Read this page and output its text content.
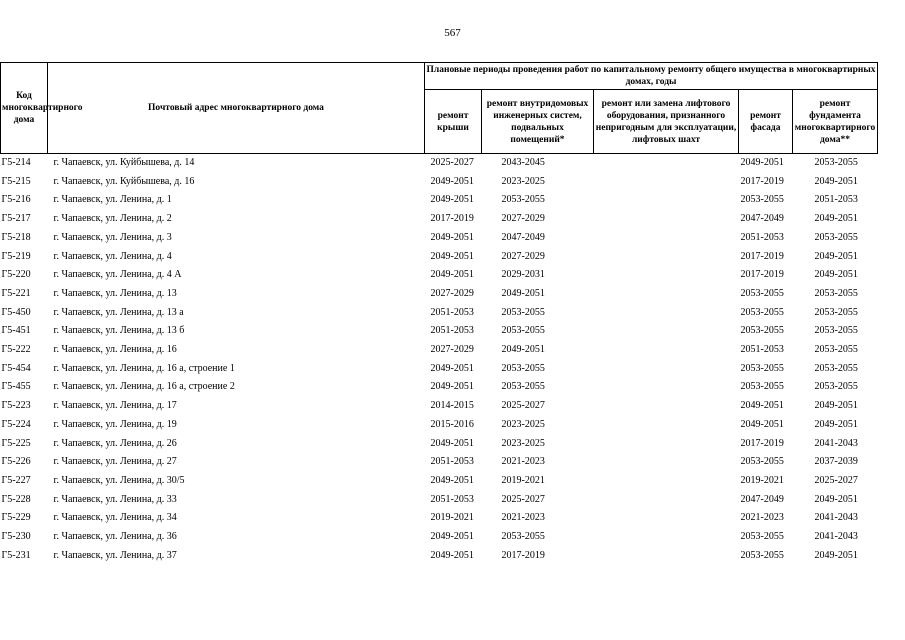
567
Код многоквартирного дома	Почтовый адрес многоквартирного дома	Плановые периоды проведения работ по капитальному ремонту общего имущества в многоквартирных домах, годы				
		ремонт крыши	ремонт внутридомовых инженерных систем, подвальных помещений*	ремонт или замена лифтового оборудования, признанного непригодным для эксплуатации, лифтовых шахт	ремонт фасада	ремонт фундамента многоквартирного дома**
Г5-214	г. Чапаевск, ул. Куйбышева, д. 14	2025-2027	2043-2045		2049-2051	2053-2055
Г5-215	г. Чапаевск, ул. Куйбышева, д. 16	2049-2051	2023-2025		2017-2019	2049-2051
Г5-216	г. Чапаевск, ул. Ленина, д. 1	2049-2051	2053-2055		2053-2055	2051-2053
Г5-217	г. Чапаевск, ул. Ленина, д. 2	2017-2019	2027-2029		2047-2049	2049-2051
Г5-218	г. Чапаевск, ул. Ленина, д. 3	2049-2051	2047-2049		2051-2053	2053-2055
Г5-219	г. Чапаевск, ул. Ленина, д. 4	2049-2051	2027-2029		2017-2019	2049-2051
Г5-220	г. Чапаевск, ул. Ленина, д. 4 А	2049-2051	2029-2031		2017-2019	2049-2051
Г5-221	г. Чапаевск, ул. Ленина, д. 13	2027-2029	2049-2051		2053-2055	2053-2055
Г5-450	г. Чапаевск, ул. Ленина, д. 13 а	2051-2053	2053-2055		2053-2055	2053-2055
Г5-451	г. Чапаевск, ул. Ленина, д. 13 б	2051-2053	2053-2055		2053-2055	2053-2055
Г5-222	г. Чапаевск, ул. Ленина, д. 16	2027-2029	2049-2051		2051-2053	2053-2055
Г5-454	г. Чапаевск, ул. Ленина, д. 16 а, строение 1	2049-2051	2053-2055		2053-2055	2053-2055
Г5-455	г. Чапаевск, ул. Ленина, д. 16 а, строение 2	2049-2051	2053-2055		2053-2055	2053-2055
Г5-223	г. Чапаевск, ул. Ленина, д. 17	2014-2015	2025-2027		2049-2051	2049-2051
Г5-224	г. Чапаевск, ул. Ленина, д. 19	2015-2016	2023-2025		2049-2051	2049-2051
Г5-225	г. Чапаевск, ул. Ленина, д. 26	2049-2051	2023-2025		2017-2019	2041-2043
Г5-226	г. Чапаевск, ул. Ленина, д. 27	2051-2053	2021-2023		2053-2055	2037-2039
Г5-227	г. Чапаевск, ул. Ленина, д. 30/5	2049-2051	2019-2021		2019-2021	2025-2027
Г5-228	г. Чапаевск, ул. Ленина, д. 33	2051-2053	2025-2027		2047-2049	2049-2051
Г5-229	г. Чапаевск, ул. Ленина, д. 34	2019-2021	2021-2023		2021-2023	2041-2043
Г5-230	г. Чапаевск, ул. Ленина, д. 36	2049-2051	2053-2055		2053-2055	2041-2043
Г5-231	г. Чапаевск, ул. Ленина, д. 37	2049-2051	2017-2019		2053-2055	2049-2051
